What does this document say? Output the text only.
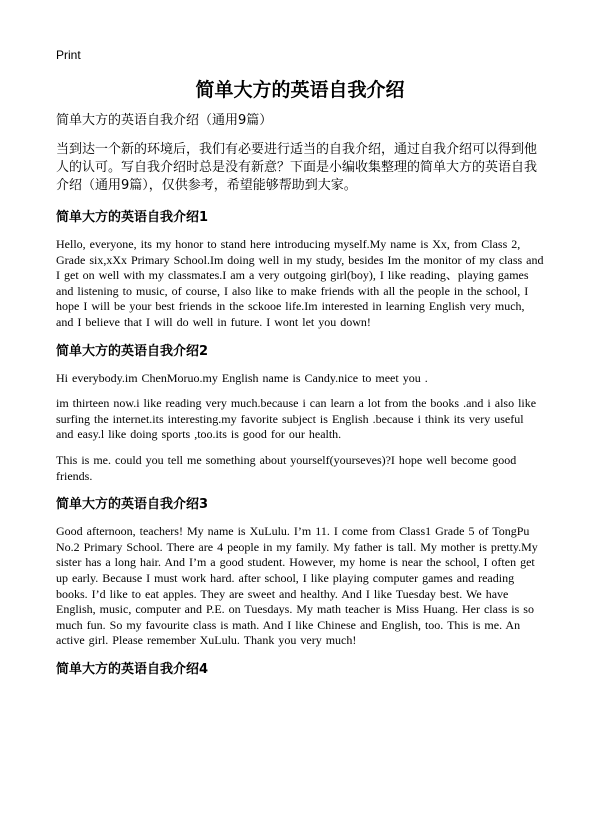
Print
简单大方的英语自我介绍
简单大方的英语自我介绍（通用9篇）
当到达一个新的环境后，我们有必要进行适当的自我介绍，通过自我介绍可以得到他人的认可。写自我介绍时总是没有新意？下面是小编收集整理的简单大方的英语自我介绍（通用9篇），仅供参考，希望能够帮助到大家。
简单大方的英语自我介绍1
Hello, everyone, its my honor to stand here introducing myself.My name is Xx, from Class 2, Grade six,xXx Primary School.Im doing well in my study, besides Im the monitor of my class and I get on well with my classmates.I am a very outgoing girl(boy), I like reading、playing games and listening to music, of course, I also like to make friends with all the people in the school, I hope I will be your best friends in the sckooe life.Im interested in learning English very much, and I believe that I will do well in future. I wont let you down!
简单大方的英语自我介绍2
Hi everybody.im ChenMoruo.my English name is Candy.nice to meet you .
im thirteen now.i like reading very much.because i can learn a lot from the books .and i also like surfing the internet.its interesting.my favorite subject is English .because i think its very useful and easy.l like doing sports ,too.its is good for our health.
This is me. could you tell me something about yourself(yourseves)?I hope well become good friends.
简单大方的英语自我介绍3
Good afternoon, teachers! My name is XuLulu. I’m 11. I come from Class1 Grade 5 of TongPu No.2 Primary School. There are 4 people in my family. My father is tall. My mother is pretty.My sister has a long hair. And I’m a good student. However, my home is near the school, I often get up early. Because I must work hard. after school, I like playing computer games and reading books. I’d like to eat apples. They are sweet and healthy. And I like Tuesday best. We have English, music, computer and P.E. on Tuesdays. My math teacher is Miss Huang. Her class is so much fun. So my favourite class is math. And I like Chinese and English, too. This is me. An active girl. Please remember XuLulu. Thank you very much!
简单大方的英语自我介绍4
